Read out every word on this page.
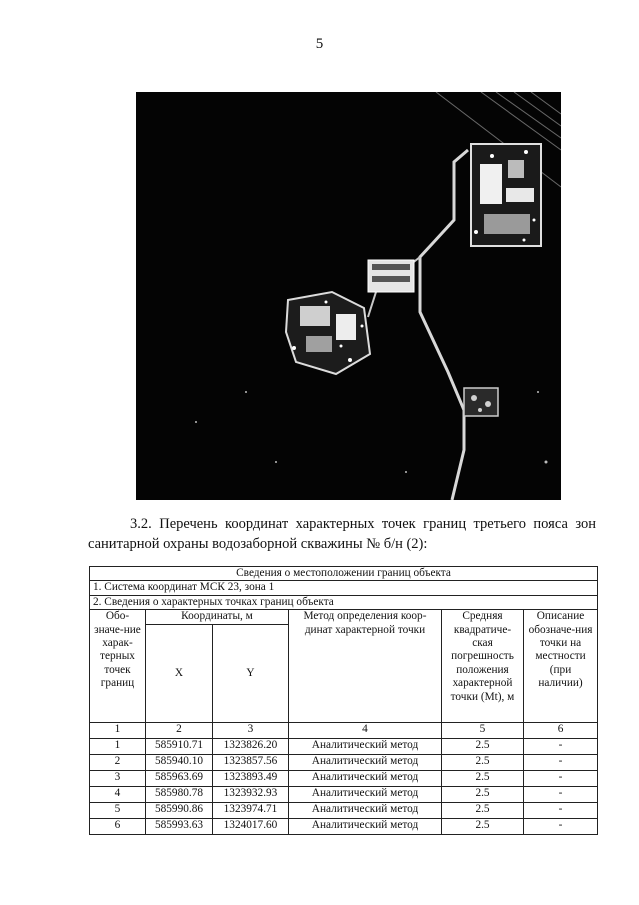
5
3.2. Перечень координат характерных точек границ третьего пояса зон санитарной охраны водозаборной скважины № б/н (2):
Сведения о местоположении границ объекта					
1. Система координат МСК 23, зона 1					
2. Сведения о характерных точках границ объекта					
Обо-значе-ние харак-терных точек границ	Координаты, м		Метод определения коор-динат характерной точки	Средняя квадратиче-ская погрешность положения характерной точки (Mt), м	Описание обозначе-ния точки на местности (при наличии)
	X	Y			
1	2	3	4	5	6
1	585910.71	1323826.20	Аналитический метод	2.5	-
2	585940.10	1323857.56	Аналитический метод	2.5	-
3	585963.69	1323893.49	Аналитический метод	2.5	-
4	585980.78	1323932.93	Аналитический метод	2.5	-
5	585990.86	1323974.71	Аналитический метод	2.5	-
6	585993.63	1324017.60	Аналитический метод	2.5	-
